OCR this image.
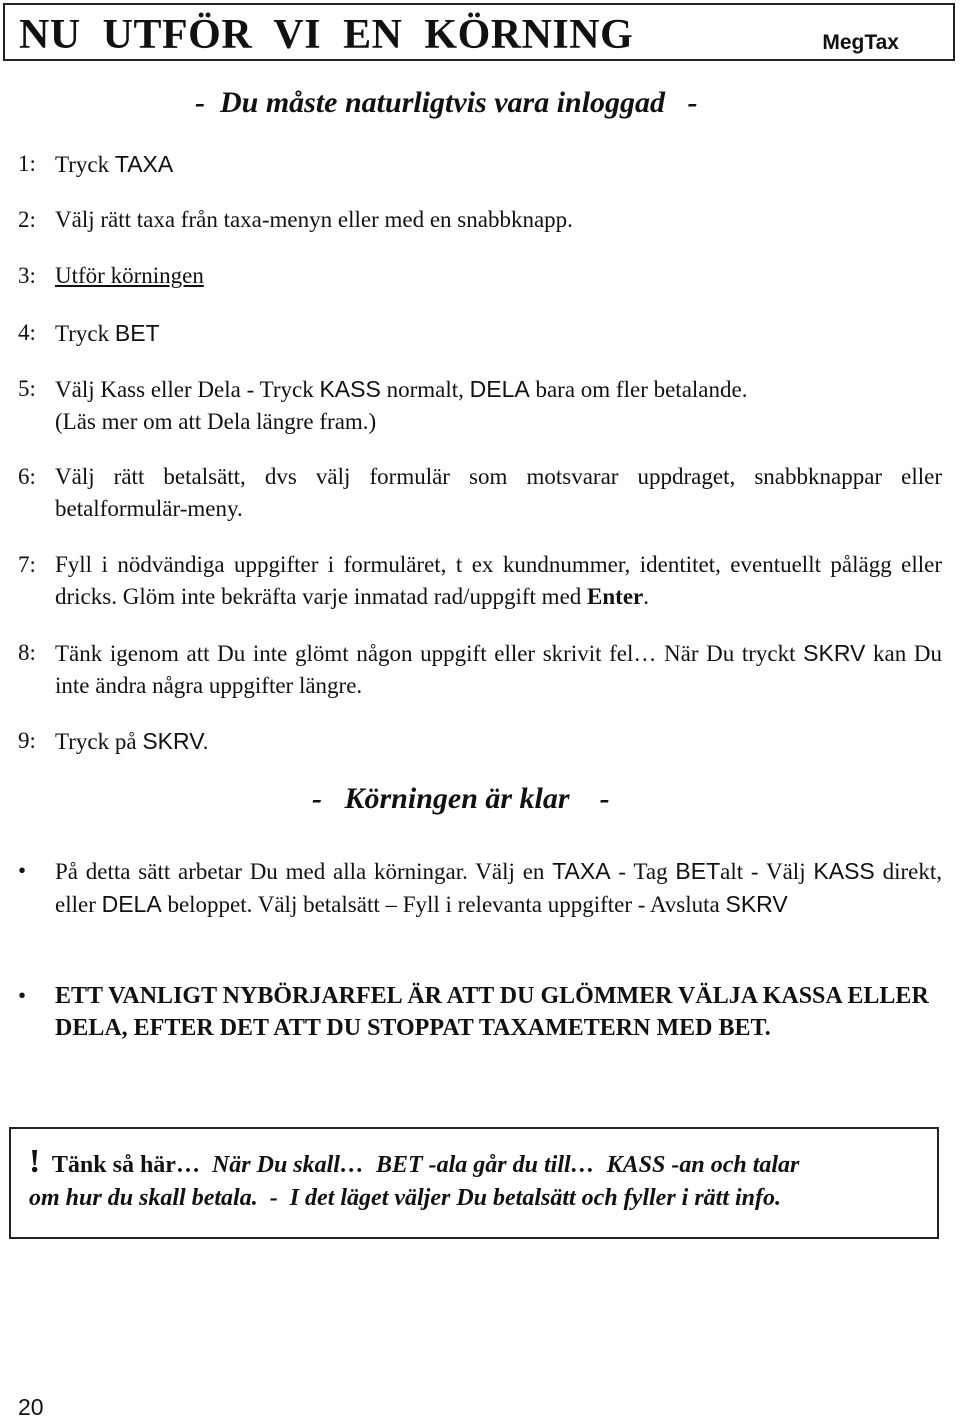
NU  UTFÖR  VI  EN  KÖRNING	MegTax
-  Du måste naturligtvis vara inloggad   -
1: Tryck TAXA
2: Välj rätt taxa från taxa-menyn eller med en snabbknapp.
3: Utför körningen
4: Tryck BET
5: Välj Kass eller Dela - Tryck KASS normalt, DELA bara om fler betalande.
(Läs mer om att Dela längre fram.)
6: Välj rätt betalsätt, dvs välj formulär som motsvarar uppdraget, snabbknappar eller betalformulär-meny.
7: Fyll i nödvändiga uppgifter i formuläret, t ex kundnummer, identitet, eventuellt pålägg eller dricks. Glöm inte bekräfta varje inmatad rad/uppgift med Enter.
8: Tänk igenom att Du inte glömt någon uppgift eller skrivit fel… När Du tryckt SKRV kan Du inte ändra några uppgifter längre.
9: Tryck på SKRV.
-   Körningen är klar    -
• På detta sätt arbetar Du med alla körningar. Välj en TAXA - Tag BETalt - Välj KASS direkt, eller DELA beloppet. Välj betalsätt – Fyll i relevanta uppgifter - Avsluta SKRV
• ETT VANLIGT NYBÖRJARFEL ÄR ATT DU GLÖMMER VÄLJA KASSA ELLER DELA, EFTER DET ATT DU STOPPAT TAXAMETERN MED BET.
!  Tänk så här…  När Du skall…  BET -ala går du till…  KASS -an och talar
om hur du skall betala.  -  I det läget väljer Du betalsätt och fyller i rätt info.
20
